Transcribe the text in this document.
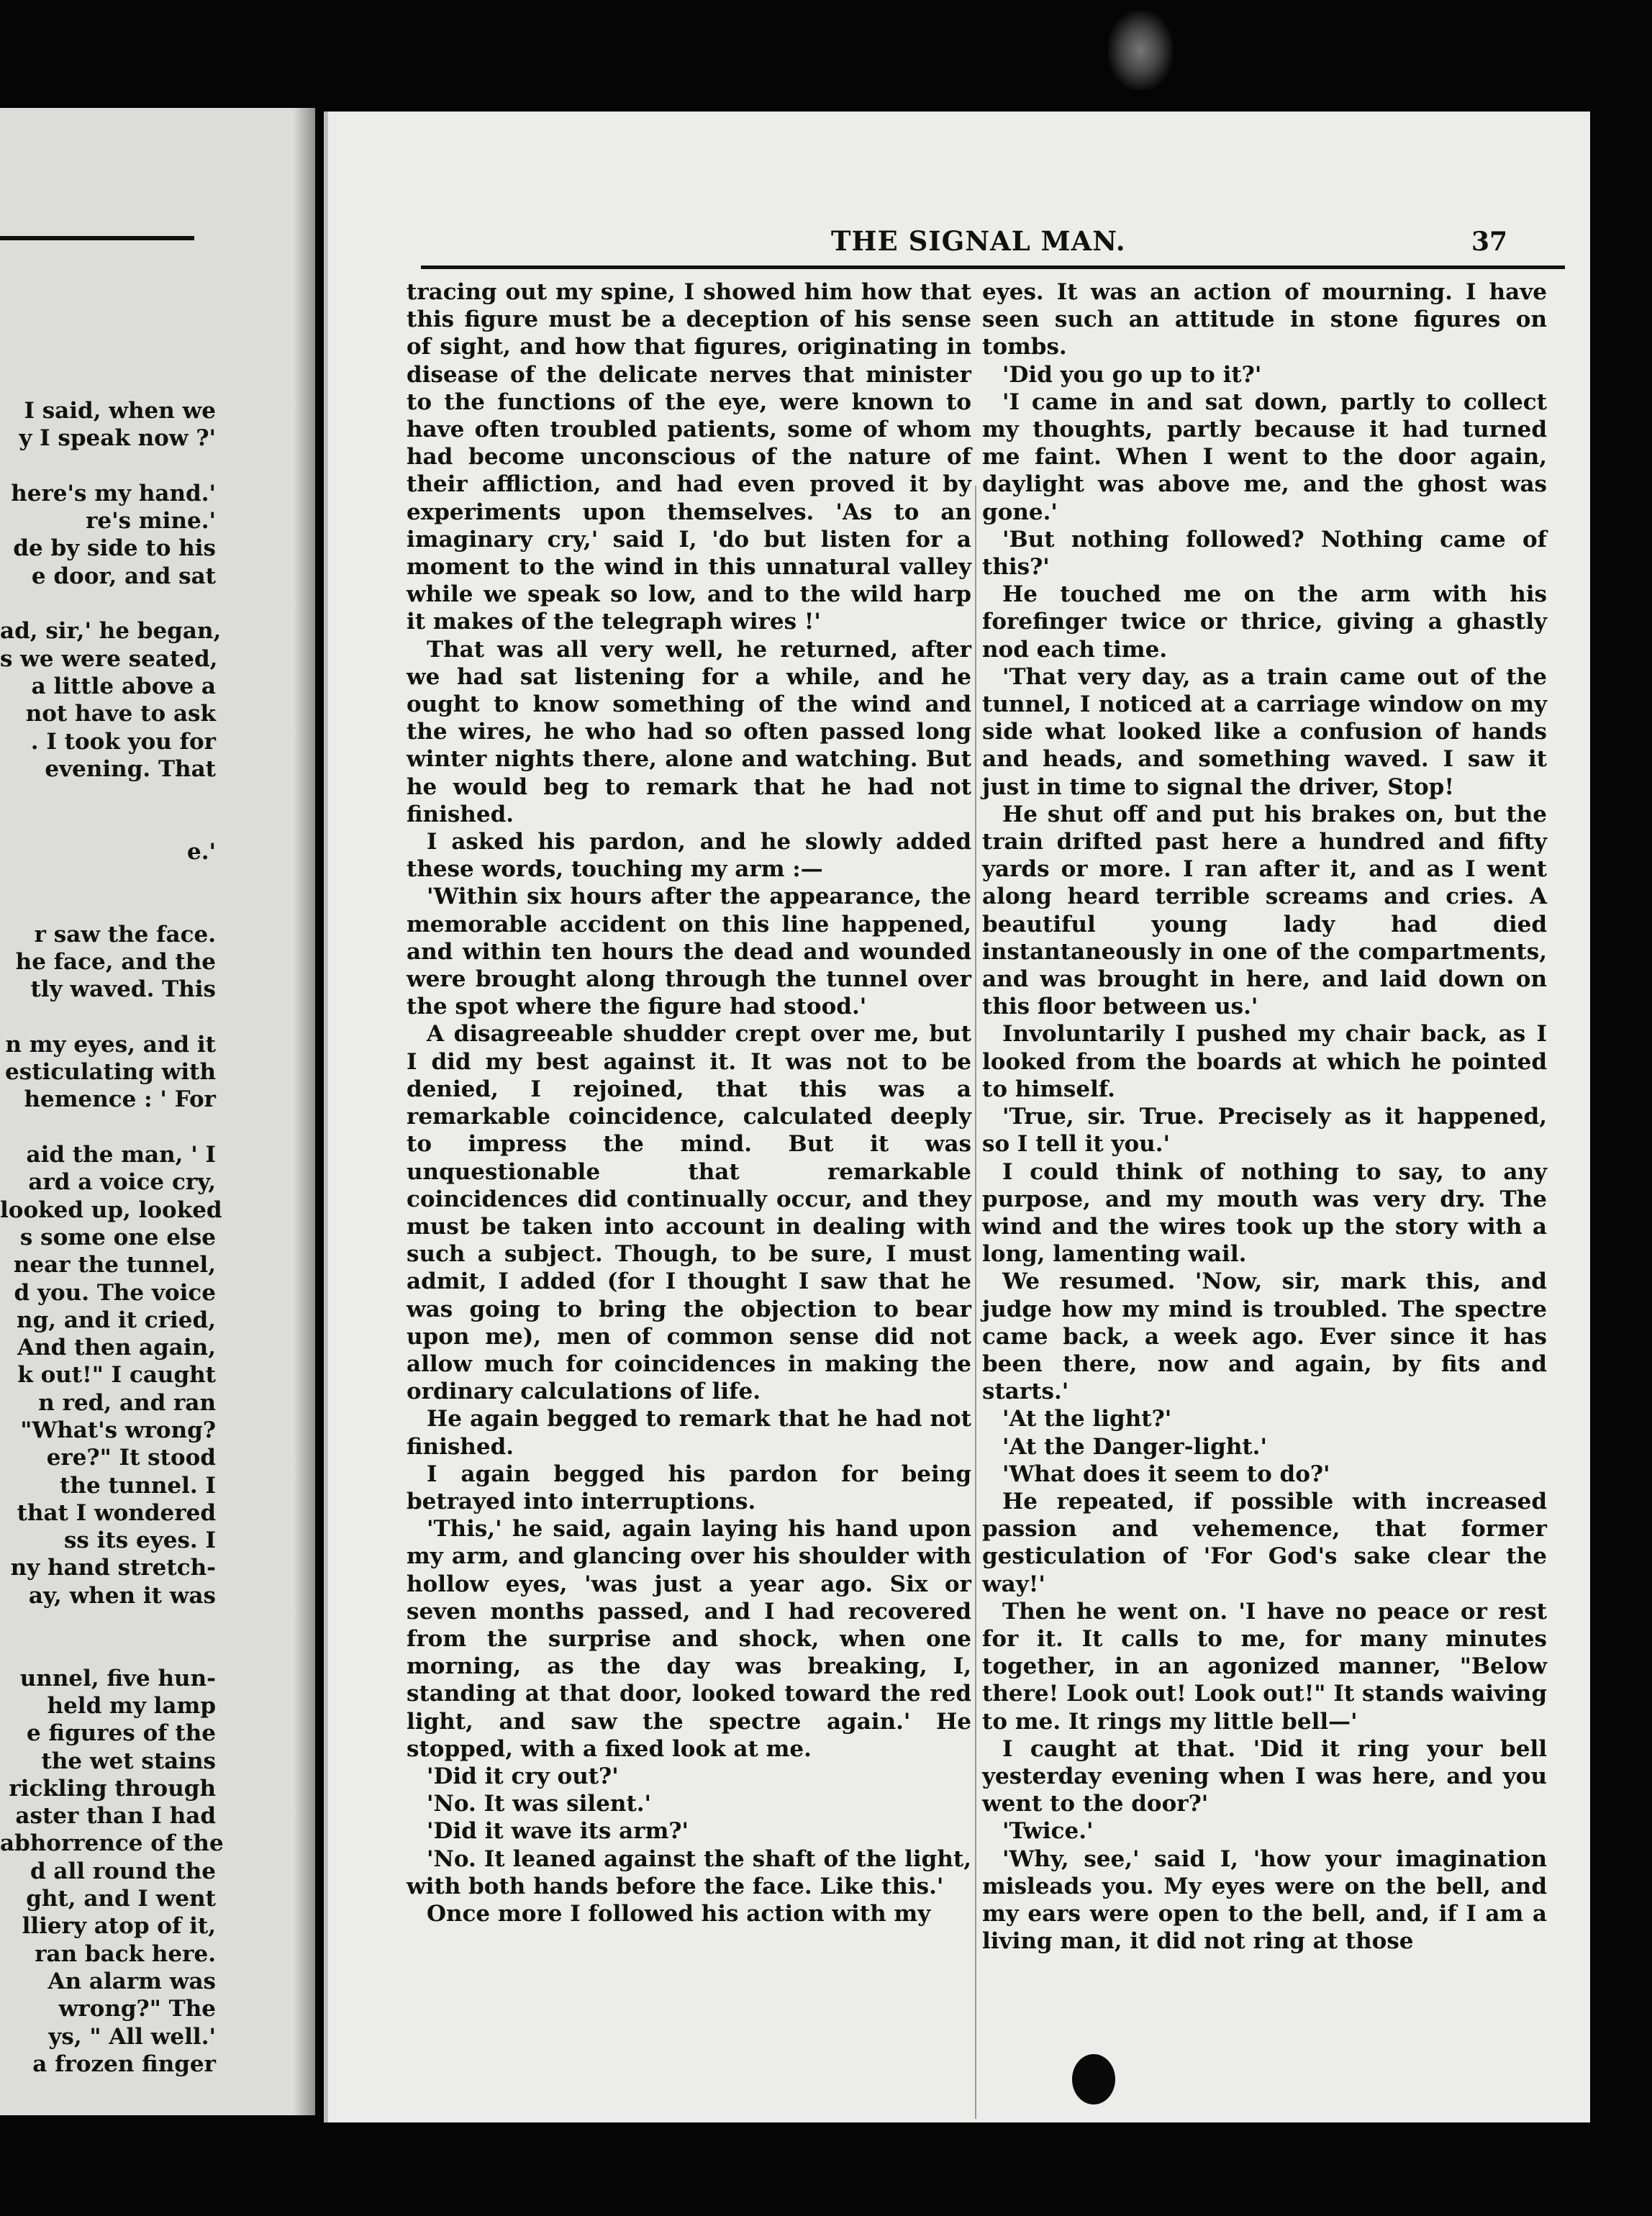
I said, when we
y I speak now ?'
here's my hand.'
re's mine.'
de by side to his
e door, and sat
ad, sir,' he began,
s we were seated,
a little above a
not have to ask
. I took you for
evening. That
e.'
r saw the face.
he face, and the
tly waved. This
n my eyes, and it
esticulating with
hemence : ' For
aid the man, ' I
ard a voice cry,
looked up, looked
s some one else
near the tunnel,
d you. The voice
ng, and it cried,
And then again,
k out!" I caught
n red, and ran
"What's wrong?
ere?" It stood
the tunnel. I
that I wondered
ss its eyes. I
ny hand stretch-
ay, when it was
unnel, five hun-
held my lamp
e figures of the
the wet stains
rickling through
aster than I had
abhorrence of the
d all round the
ght, and I went
lliery atop of it,
ran back here.
An alarm was
wrong?" The
ys, " All well.'
a frozen finger
THE SIGNAL MAN.	37

tracing out my spine, I showed him how that this figure must be a deception of his sense of sight, and how that figures, originating in disease of the delicate nerves that minister to the functions of the eye, were known to have often troubled patients, some of whom had become unconscious of the nature of their affliction, and had even proved it by experiments upon themselves. 'As to an imaginary cry,' said I, 'do but listen for a moment to the wind in this unnatural valley while we speak so low, and to the wild harp it makes of the telegraph wires !'

That was all very well, he returned, after we had sat listening for a while, and he ought to know something of the wind and the wires, he who had so often passed long winter nights there, alone and watching. But he would beg to remark that he had not finished.

I asked his pardon, and he slowly added these words, touching my arm :—

'Within six hours after the appearance, the memorable accident on this line happened, and within ten hours the dead and wounded were brought along through the tunnel over the spot where the figure had stood.'

A disagreeable shudder crept over me, but I did my best against it. It was not to be denied, I rejoined, that this was a remarkable coincidence, calculated deeply to impress the mind. But it was unquestionable that remarkable coincidences did continually occur, and they must be taken into account in dealing with such a subject. Though, to be sure, I must admit, I added (for I thought I saw that he was going to bring the objection to bear upon me), men of common sense did not allow much for coincidences in making the ordinary calculations of life.

He again begged to remark that he had not finished.

I again begged his pardon for being betrayed into interruptions.

'This,' he said, again laying his hand upon my arm, and glancing over his shoulder with hollow eyes, 'was just a year ago. Six or seven months passed, and I had recovered from the surprise and shock, when one morning, as the day was breaking, I, standing at that door, looked toward the red light, and saw the spectre again.' He stopped, with a fixed look at me.

'Did it cry out?'

'No. It was silent.'

'Did it wave its arm?'

'No. It leaned against the shaft of the light, with both hands before the face. Like this.'

Once more I followed his action with my

eyes. It was an action of mourning. I have seen such an attitude in stone figures on tombs.

'Did you go up to it?'

'I came in and sat down, partly to collect my thoughts, partly because it had turned me faint. When I went to the door again, daylight was above me, and the ghost was gone.'

'But nothing followed? Nothing came of this?'

He touched me on the arm with his forefinger twice or thrice, giving a ghastly nod each time.

'That very day, as a train came out of the tunnel, I noticed at a carriage window on my side what looked like a confusion of hands and heads, and something waved. I saw it just in time to signal the driver, Stop!

He shut off and put his brakes on, but the train drifted past here a hundred and fifty yards or more. I ran after it, and as I went along heard terrible screams and cries. A beautiful young lady had died instantaneously in one of the compartments, and was brought in here, and laid down on this floor between us.'

Involuntarily I pushed my chair back, as I looked from the boards at which he pointed to himself.

'True, sir. True. Precisely as it happened, so I tell it you.'

I could think of nothing to say, to any purpose, and my mouth was very dry. The wind and the wires took up the story with a long, lamenting wail.

We resumed. 'Now, sir, mark this, and judge how my mind is troubled. The spectre came back, a week ago. Ever since it has been there, now and again, by fits and starts.'

'At the light?'

'At the Danger-light.'

'What does it seem to do?'

He repeated, if possible with increased passion and vehemence, that former gesticulation of 'For God's sake clear the way!'

Then he went on. 'I have no peace or rest for it. It calls to me, for many minutes together, in an agonized manner, "Below there! Look out! Look out!" It stands waiving to me. It rings my little bell—'

I caught at that. 'Did it ring your bell yesterday evening when I was here, and you went to the door?'

'Twice.'

'Why, see,' said I, 'how your imagination misleads you. My eyes were on the bell, and my ears were open to the bell, and, if I am a living man, it did not ring at those
